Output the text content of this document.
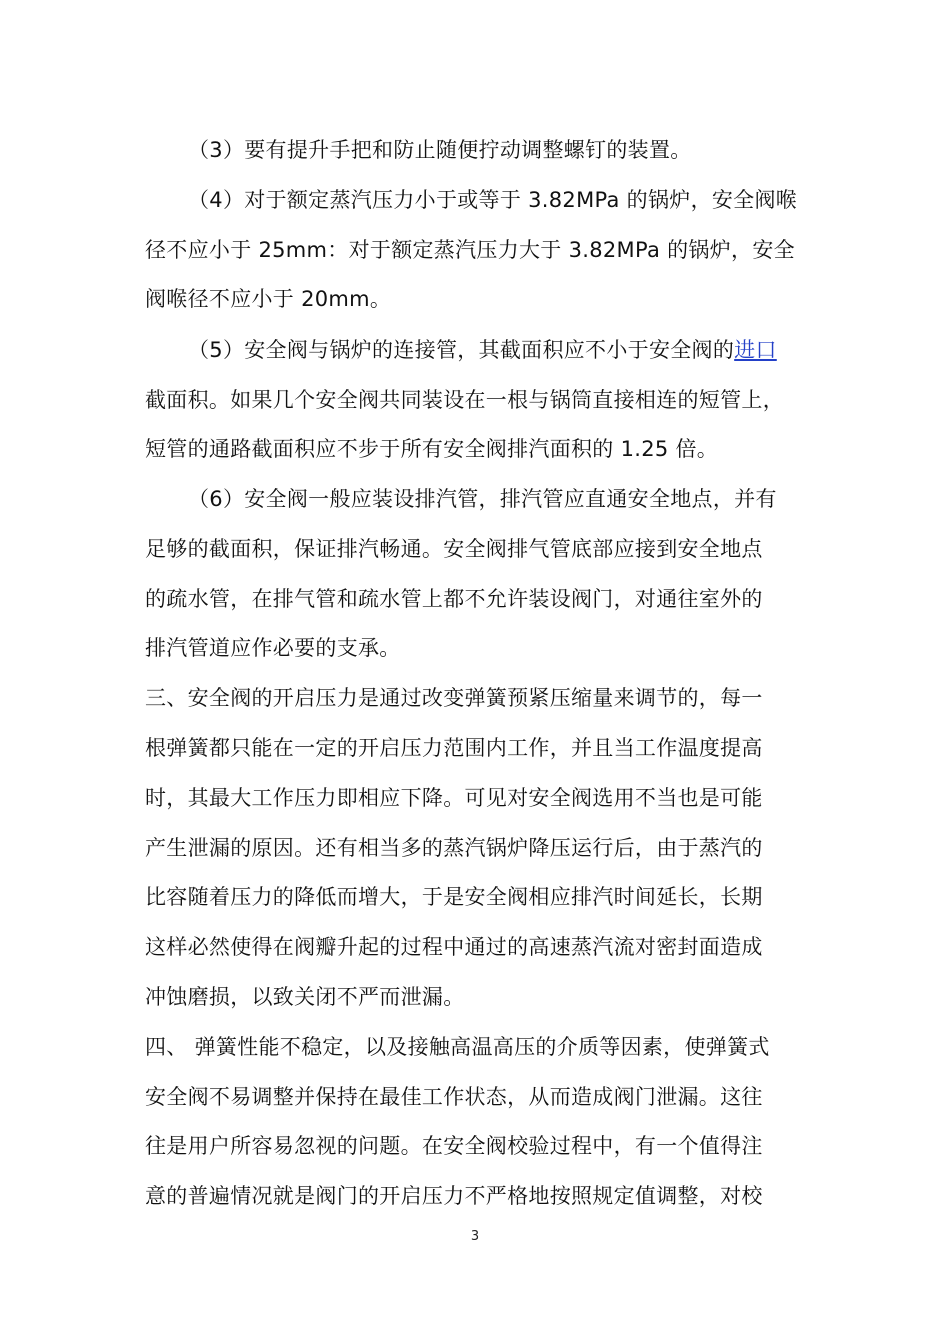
（3）要有提升手把和防止随便拧动调整螺钉的装置。
（4）对于额定蒸汽压力小于或等于 3.82MPa 的锅炉，安全阀喉
径不应小于 25mm：对于额定蒸汽压力大于 3.82MPa 的锅炉，安全
阀喉径不应小于 20mm。
（5）安全阀与锅炉的连接管，其截面积应不小于安全阀的进口
截面积。如果几个安全阀共同装设在一根与锅筒直接相连的短管上，
短管的通路截面积应不步于所有安全阀排汽面积的 1.25 倍。
（6）安全阀一般应装设排汽管，排汽管应直通安全地点，并有
足够的截面积，保证排汽畅通。安全阀排气管底部应接到安全地点
的疏水管，在排气管和疏水管上都不允许装设阀门，对通往室外的
排汽管道应作必要的支承。
三、安全阀的开启压力是通过改变弹簧预紧压缩量来调节的，每一
根弹簧都只能在一定的开启压力范围内工作，并且当工作温度提高
时，其最大工作压力即相应下降。可见对安全阀选用不当也是可能
产生泄漏的原因。还有相当多的蒸汽锅炉降压运行后，由于蒸汽的
比容随着压力的降低而增大，于是安全阀相应排汽时间延长，长期
这样必然使得在阀瓣升起的过程中通过的高速蒸汽流对密封面造成
冲蚀磨损，以致关闭不严而泄漏。
四、 弹簧性能不稳定，以及接触高温高压的介质等因素，使弹簧式
安全阀不易调整并保持在最佳工作状态，从而造成阀门泄漏。这往
往是用户所容易忽视的问题。在安全阀校验过程中，有一个值得注
意的普遍情况就是阀门的开启压力不严格地按照规定值调整，对校
3
